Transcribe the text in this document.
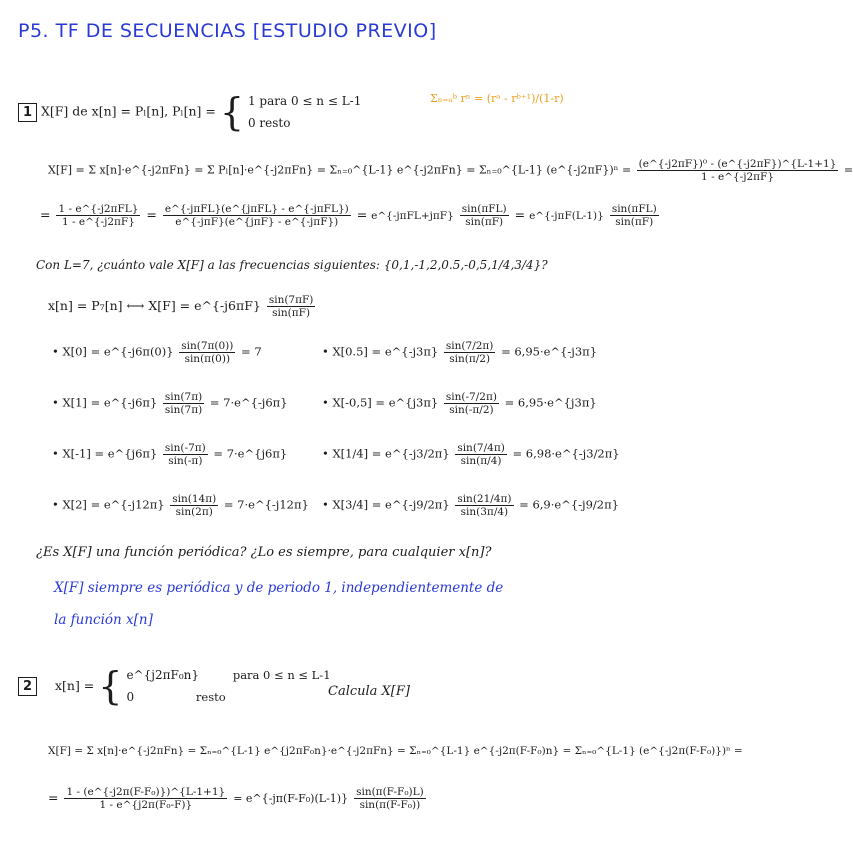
P5. TF DE SECUENCIAS [ESTUDIO PREVIO]
1 X[F] de x[n] = Pₗ[n], Pₗ[n] = { 1 para 0 ≤ n ≤ L-1
0 resto
Σₙ₌ₐᵇ rⁿ = (rᵃ - rᵇ⁺¹)/(1-r)
X[F] = Σ x[n]·e^{-j2πFn} = Σ Pₗ[n]·e^{-j2πFn} = Σₙ₌₀^{L-1} e^{-j2πFn} = Σₙ₌₀^{L-1} (e^{-j2πF})ⁿ = $\frac{\text{(e\textasciicircum{}\{-j2πF\})⁰ - (e\textasciicircum{}\{-j2πF\})\textasciicircum{}\{L-1+1\}}}{1 - e\^{}\{-j2\pi F\}}$ =
= $\frac{\text{1 - e\textasciicircum{}\{-j2πFL\}}}{1 - e\^{}\{-j2\pi F\}} = \frac{\text{e\textasciicircum{}\{-jπFL\}(e\textasciicircum{}\{jπFL\} - e\textasciicircum{}\{-jπFL\})}}{\text{e\textasciicircum{}\{-jπF\}(e\textasciicircum{}\{jπF\} - e\textasciicircum{}\{-jπF\})}}$ = e^{-jπFL+jπF} $\frac{\text{sin(πFL)}}{\sin(\pi F)}$ = e^{-jπF(L-1)} $\frac{\text{sin(πFL)}}{\sin(\pi F)}$
Con L=7, ¿cuánto vale X[F] a las frecuencias siguientes: {0,1,-1,2,0.5,-0,5,1/4,3/4}?
x[n] = P₇[n] ⟷ X[F] = e^{-j6πF} $\frac{\sin(7\pi F)}{\sin(\pi F)}$
• X[0] = e^{-j6π(0)} $\frac{\sin(7\pi(0))}{\sin(\pi(0))} = 7$
• X[1] = e^{-j6π} $\frac{\sin(7\pi)}{\sin(7\pi)}$ = 7·e^{-j6π}
• X[-1] = e^{j6π} $\frac{\sin(-7\pi)}{\sin(-\pi)}$ = 7·e^{j6π}
• X[2] = e^{-j12π} $\frac{\sin(14\pi)}{\sin(2\pi)}$ = 7·e^{-j12π}
• X[0.5] = e^{-j3π} $\frac{\sin(7/2\pi)}{\sin(\pi/2)}$ = 6,95·e^{-j3π}
• X[-0,5] = e^{j3π} $\frac{\sin(-7/2\pi)}{\sin(-\pi/2)}$ = 6,95·e^{j3π}
• X[1/4] = e^{-j3/2π} $\frac{\sin(7/4\pi)}{\sin(\pi/4)}$ = 6,98·e^{-j3/2π}
• X[3/4] = e^{-j9/2π} $\frac{\sin(21/4\pi)}{\sin(3\pi/4)}$ = 6,9·e^{-j9/2π}
¿Es X[F] una función periódica? ¿Lo es siempre, para cualquier x[n]?
X[F] siempre es periódica y de periodo 1, independientemente de
la función x[n]
2 x[n] = { e^{j2πF₀n}	para 0 ≤ n ≤ L-1
0	resto	Calcula X[F]
X[F] = Σ x[n]·e^{-j2πFn} = Σₙ₌₀^{L-1} e^{j2πF₀n}·e^{-j2πFn} = Σₙ₌₀^{L-1} e^{-j2π(F-F₀)n} = Σₙ₌₀^{L-1} (e^{-j2π(F-F₀)})ⁿ =
= $\frac{\text{1 - (e\textasciicircum{}\{-j2π(F-F₀)\})\textasciicircum{}\{L-1+1\}}}{\text{1 - e\textasciicircum{}\{j2π(F₀-F)\}}}$ = e^{-jπ(F-F₀)(L-1)} $\frac{\text{sin(π(F-F₀)L)}}{\text{sin(π(F-F₀))}}$
